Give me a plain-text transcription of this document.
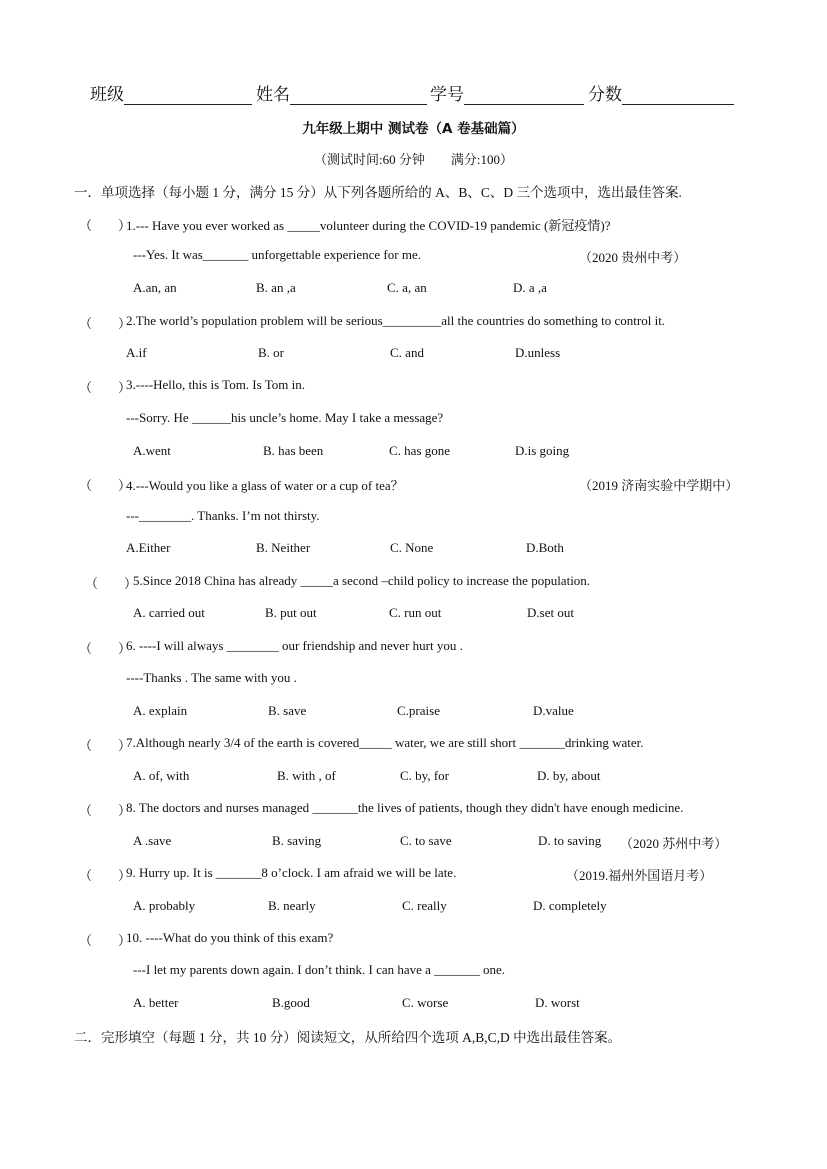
班级	姓名	学号	分数
九年级上期中 测试卷（A 卷基础篇）
（测试时间:60 分钟　　满分:100）
一．单项选择（每小题 1 分，满分 15 分）从下列各题所给的 A、B、C、D 三个选项中，选出最佳答案.
（　　）
1.--- Have you ever worked as _____volunteer during the COVID-19 pandemic (新冠疫情)?
---Yes. It was_______ unforgettable experience for me.	（2020 贵州中考）
A.an, an	B. an ,a	C. a, an	D. a ,a
（　　）
2.The world’s population problem will be serious_________all the countries do something to control it.
A.if	B. or	C. and	D.unless
（　　）
3.----Hello, this is Tom. Is Tom in.
---Sorry. He ______his uncle’s home. May I take a message?
A.went	B. has been	C. has gone	D.is going
（　　）
4.---Would you like a glass of water or a cup of tea？	（2019 济南实验中学期中）
---________. Thanks. I’m not thirsty.
A.Either	B. Neither	C. None	D.Both
（　　）
5.Since 2018 China has already _____a second –child policy to increase the population.
A. carried out	B. put out	C. run out	D.set out
（　　）
6. ----I will always ________ our friendship and never hurt you .
----Thanks . The same with you .
A. explain	B. save	C.praise	D.value
（　　）
7.Although nearly 3/4 of the earth is covered_____ water, we are still short _______drinking water.
A. of, with	B. with , of	C. by, for	D. by, about
（　　）
8. The doctors and nurses managed _______the lives of patients, though they didn't have enough medicine.
A .save	B. saving	C. to save	D. to saving （2020 苏州中考）
（　　）
9. Hurry up. It is _______8 o’clock. I am afraid we will be late.	（2019.福州外国语月考）
A. probably	B. nearly	C. really	D. completely
（　　）
10. ----What do you think of this exam?
---I let my parents down again. I don’t think. I can have a _______ one.
A. better	B.good	C. worse	D. worst
二．完形填空（每题 1 分，共 10 分）阅读短文，从所给四个选项 A,B,C,D 中选出最佳答案。
